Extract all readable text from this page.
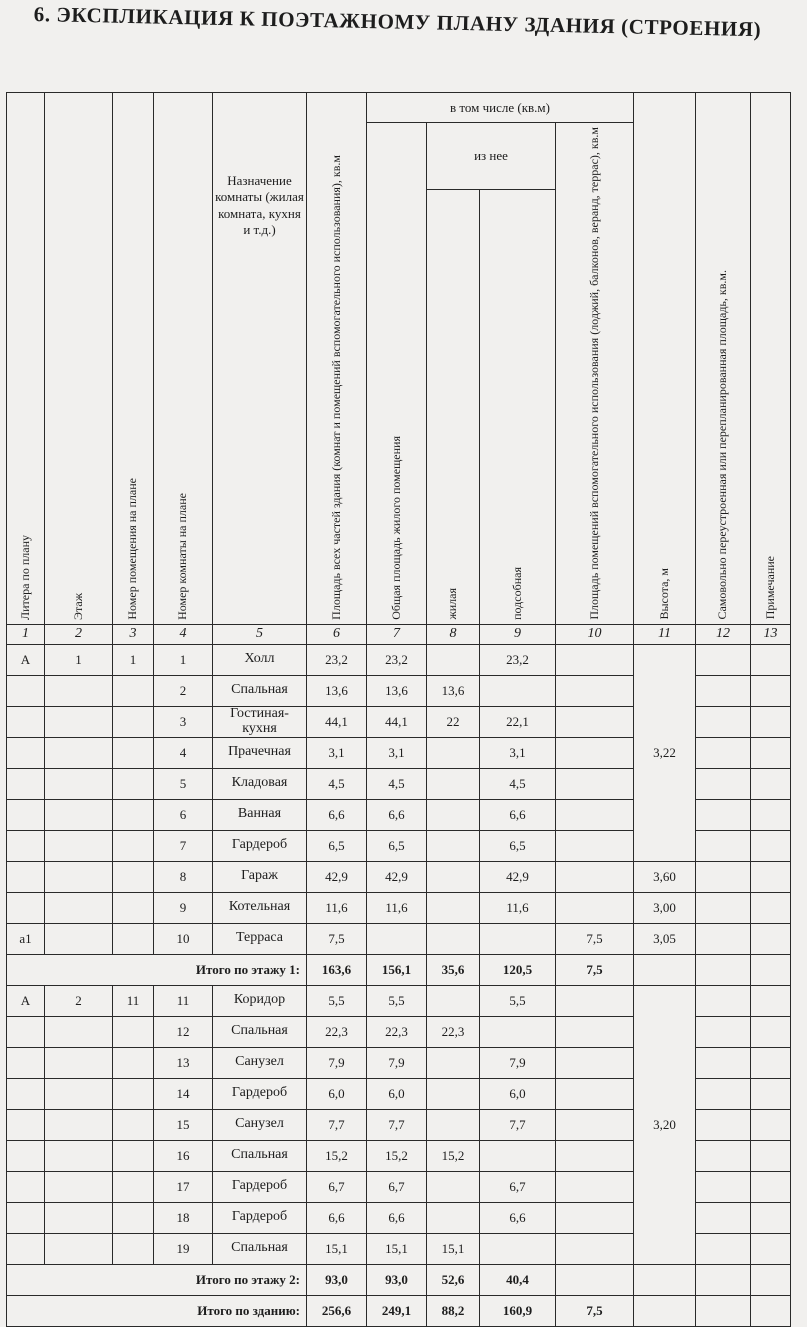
6. ЭКСПЛИКАЦИЯ К ПОЭТАЖНОМУ ПЛАНУ ЗДАНИЯ (СТРОЕНИЯ)
Литера по плану	Этаж	Номер помещения на плане	Номер комнаты на плане	Назначение комнаты (жилая комната, кухня и т.д.)	Площадь всех частей здания (комнат и помещений вспомогательного использования), кв.м	в том числе (кв.м)				Высота, м	Самовольно переустроенная или перепланированная площадь, кв.м.	Примечание

						Общая площадь жилого помещения	из нее		Площадь помещений вспомогательного использования (лоджий, балконов, веранд, террас), кв.м			

							жилая	подсобная				

1	2	3	4	5	6	7	8	9	10	11	12	13
А	1	1	1	Холл	23,2	23,2		23,2		3,22		
			2	Спальная	13,6	13,6	13,6					
			3	Гостиная-кухня	44,1	44,1	22	22,1				
			4	Прачечная	3,1	3,1		3,1				
			5	Кладовая	4,5	4,5		4,5				
			6	Ванная	6,6	6,6		6,6				
			7	Гардероб	6,5	6,5		6,5				
			8	Гараж	42,9	42,9		42,9		3,60		
			9	Котельная	11,6	11,6		11,6		3,00		
а1			10	Терраса	7,5				7,5	3,05		
Итого по этажу 1:					163,6	156,1	35,6	120,5	7,5			
А	2	11	11	Коридор	5,5	5,5		5,5		3,20		
			12	Спальная	22,3	22,3	22,3					
			13	Санузел	7,9	7,9		7,9				
			14	Гардероб	6,0	6,0		6,0				
			15	Санузел	7,7	7,7		7,7				
			16	Спальная	15,2	15,2	15,2					
			17	Гардероб	6,7	6,7		6,7				
			18	Гардероб	6,6	6,6		6,6				
			19	Спальная	15,1	15,1	15,1					
Итого по этажу 2:					93,0	93,0	52,6	40,4				
Итого по зданию:					256,6	249,1	88,2	160,9	7,5			
